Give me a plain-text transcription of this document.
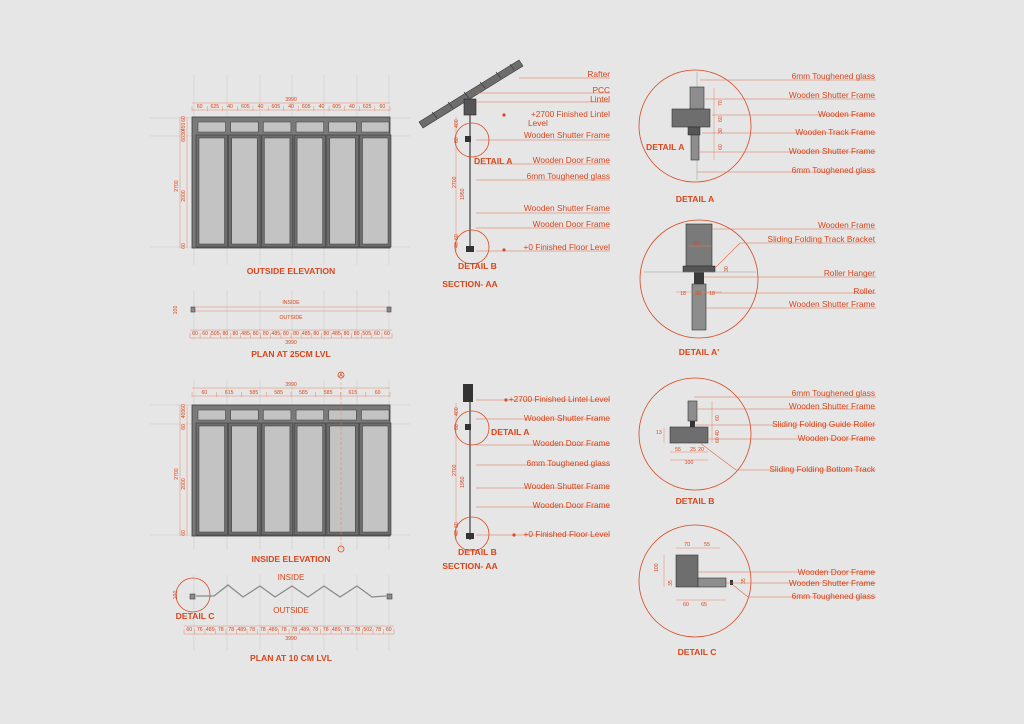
3990
60 625 40 605 40 605 40 605 40 605 40 625 60
60
450
30
60
2000
2700
60
OUTSIDE ELEVATION
INSIDE
OUTSIDE
100
60 60 505 80 80 485 80 80 485 80 80 485 80 80 485 80 80 505 60 60
3990
PLAN AT 25CM LVL
3990
60	615	585	585	585	585	615	60
60
400
60
2000
2700
60
A
INSIDE ELEVATION
INSIDE
OUTSIDE
100
DETAIL C
60 76 489 78 78 489 78 78 489 78 78 489 78 78 489 78 78 502 78 60
3990
PLAN AT 10 CM LVL
400
60
2700
1950
60
40
DETAIL A
DETAIL B
Rafter
PCC
Lintel
+2700 Finished Lintel
Level
Wooden Shutter Frame
Wooden Door Frame
6mm Toughened glass
Wooden Shutter Frame
Wooden Door Frame
+0 Finished Floor Level
SECTION- AA
400
60
2700
1950
60
40
DETAIL A
DETAIL B
+2700 Finished Lintel Level
Wooden Shutter Frame
Wooden Door Frame
6mm Toughened glass
Wooden Shutter Frame
Wooden Door Frame
+0 Finished Floor Level
SECTION- AA
70
60
30
60
DETAIL A
6mm Toughened glass
Wooden Shutter Frame
Wooden Frame
Wooden Track Frame
Wooden Shutter Frame
6mm Toughened glass
DETAIL A
65
30
18 30 18
Wooden Frame
Sliding Folding Track Bracket
Roller Hanger
Roller
Wooden Shutter Frame
DETAIL A'
13
60
40
60
55 25 20
100
6mm Toughened glass
Wooden Shutter Frame
Sliding Folding Guide Roller
Wooden Door Frame
Sliding Folding Bottom Track
DETAIL B
70	55
100
35
60 65
35
Wooden Door Frame
Wooden Shutter Frame
6mm Toughened glass
DETAIL C
